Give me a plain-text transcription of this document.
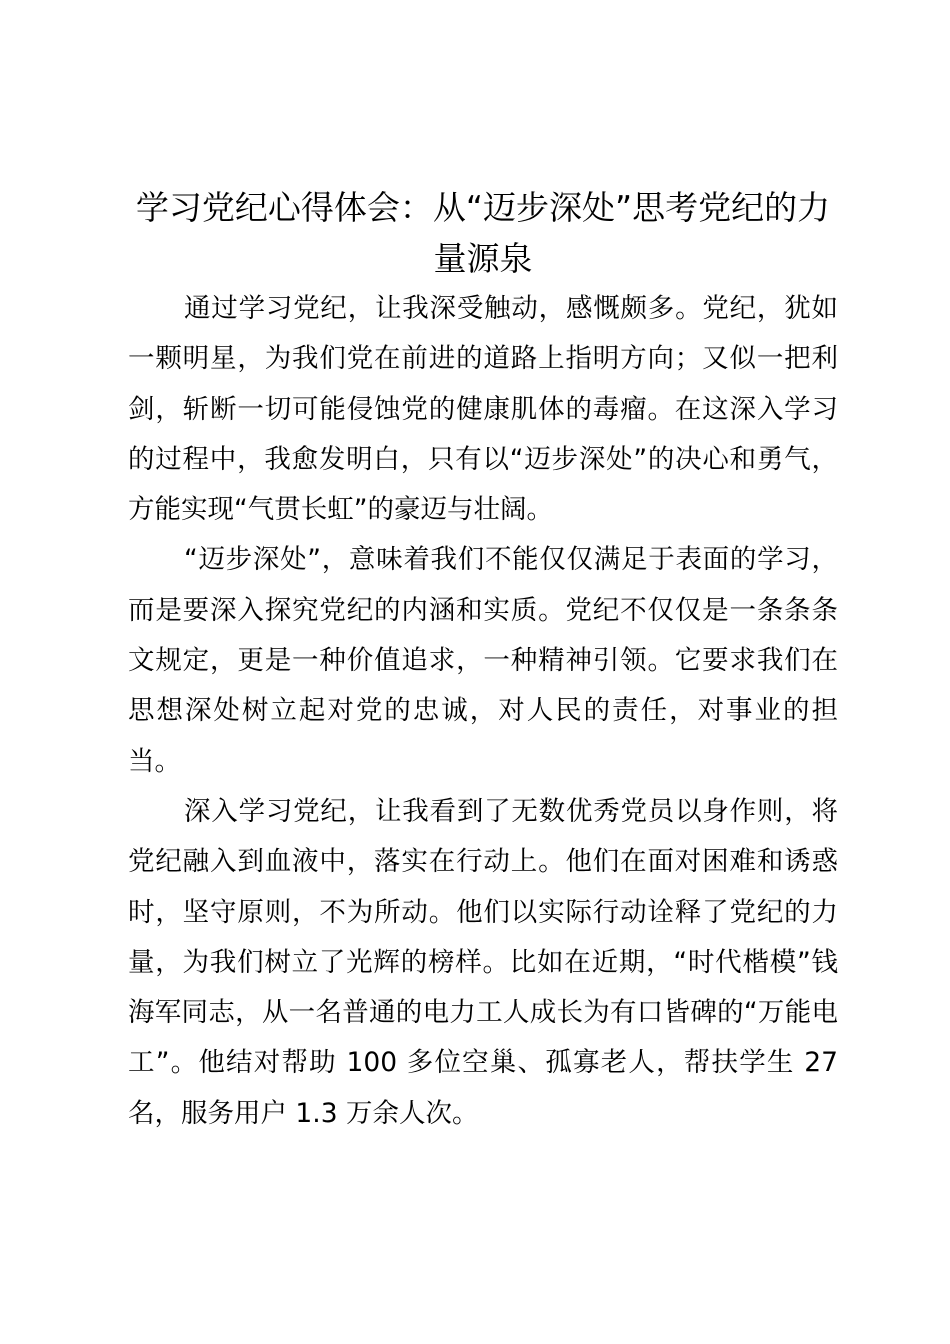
学习党纪心得体会：从“迈步深处”思考党纪的力量源泉

通过学习党纪，让我深受触动，感慨颇多。党纪，犹如一颗明星，为我们党在前进的道路上指明方向；又似一把利剑，斩断一切可能侵蚀党的健康肌体的毒瘤。在这深入学习的过程中，我愈发明白，只有以“迈步深处”的决心和勇气，方能实现“气贯长虹”的豪迈与壮阔。

“迈步深处”，意味着我们不能仅仅满足于表面的学习，而是要深入探究党纪的内涵和实质。党纪不仅仅是一条条条文规定，更是一种价值追求，一种精神引领。它要求我们在思想深处树立起对党的忠诚，对人民的责任，对事业的担当。

深入学习党纪，让我看到了无数优秀党员以身作则，将党纪融入到血液中，落实在行动上。他们在面对困难和诱惑时，坚守原则，不为所动。他们以实际行动诠释了党纪的力量，为我们树立了光辉的榜样。比如在近期，“时代楷模”钱海军同志，从一名普通的电力工人成长为有口皆碑的“万能电工”。他结对帮助 100 多位空巢、孤寡老人，帮扶学生 27 名，服务用户 1.3 万余人次。
